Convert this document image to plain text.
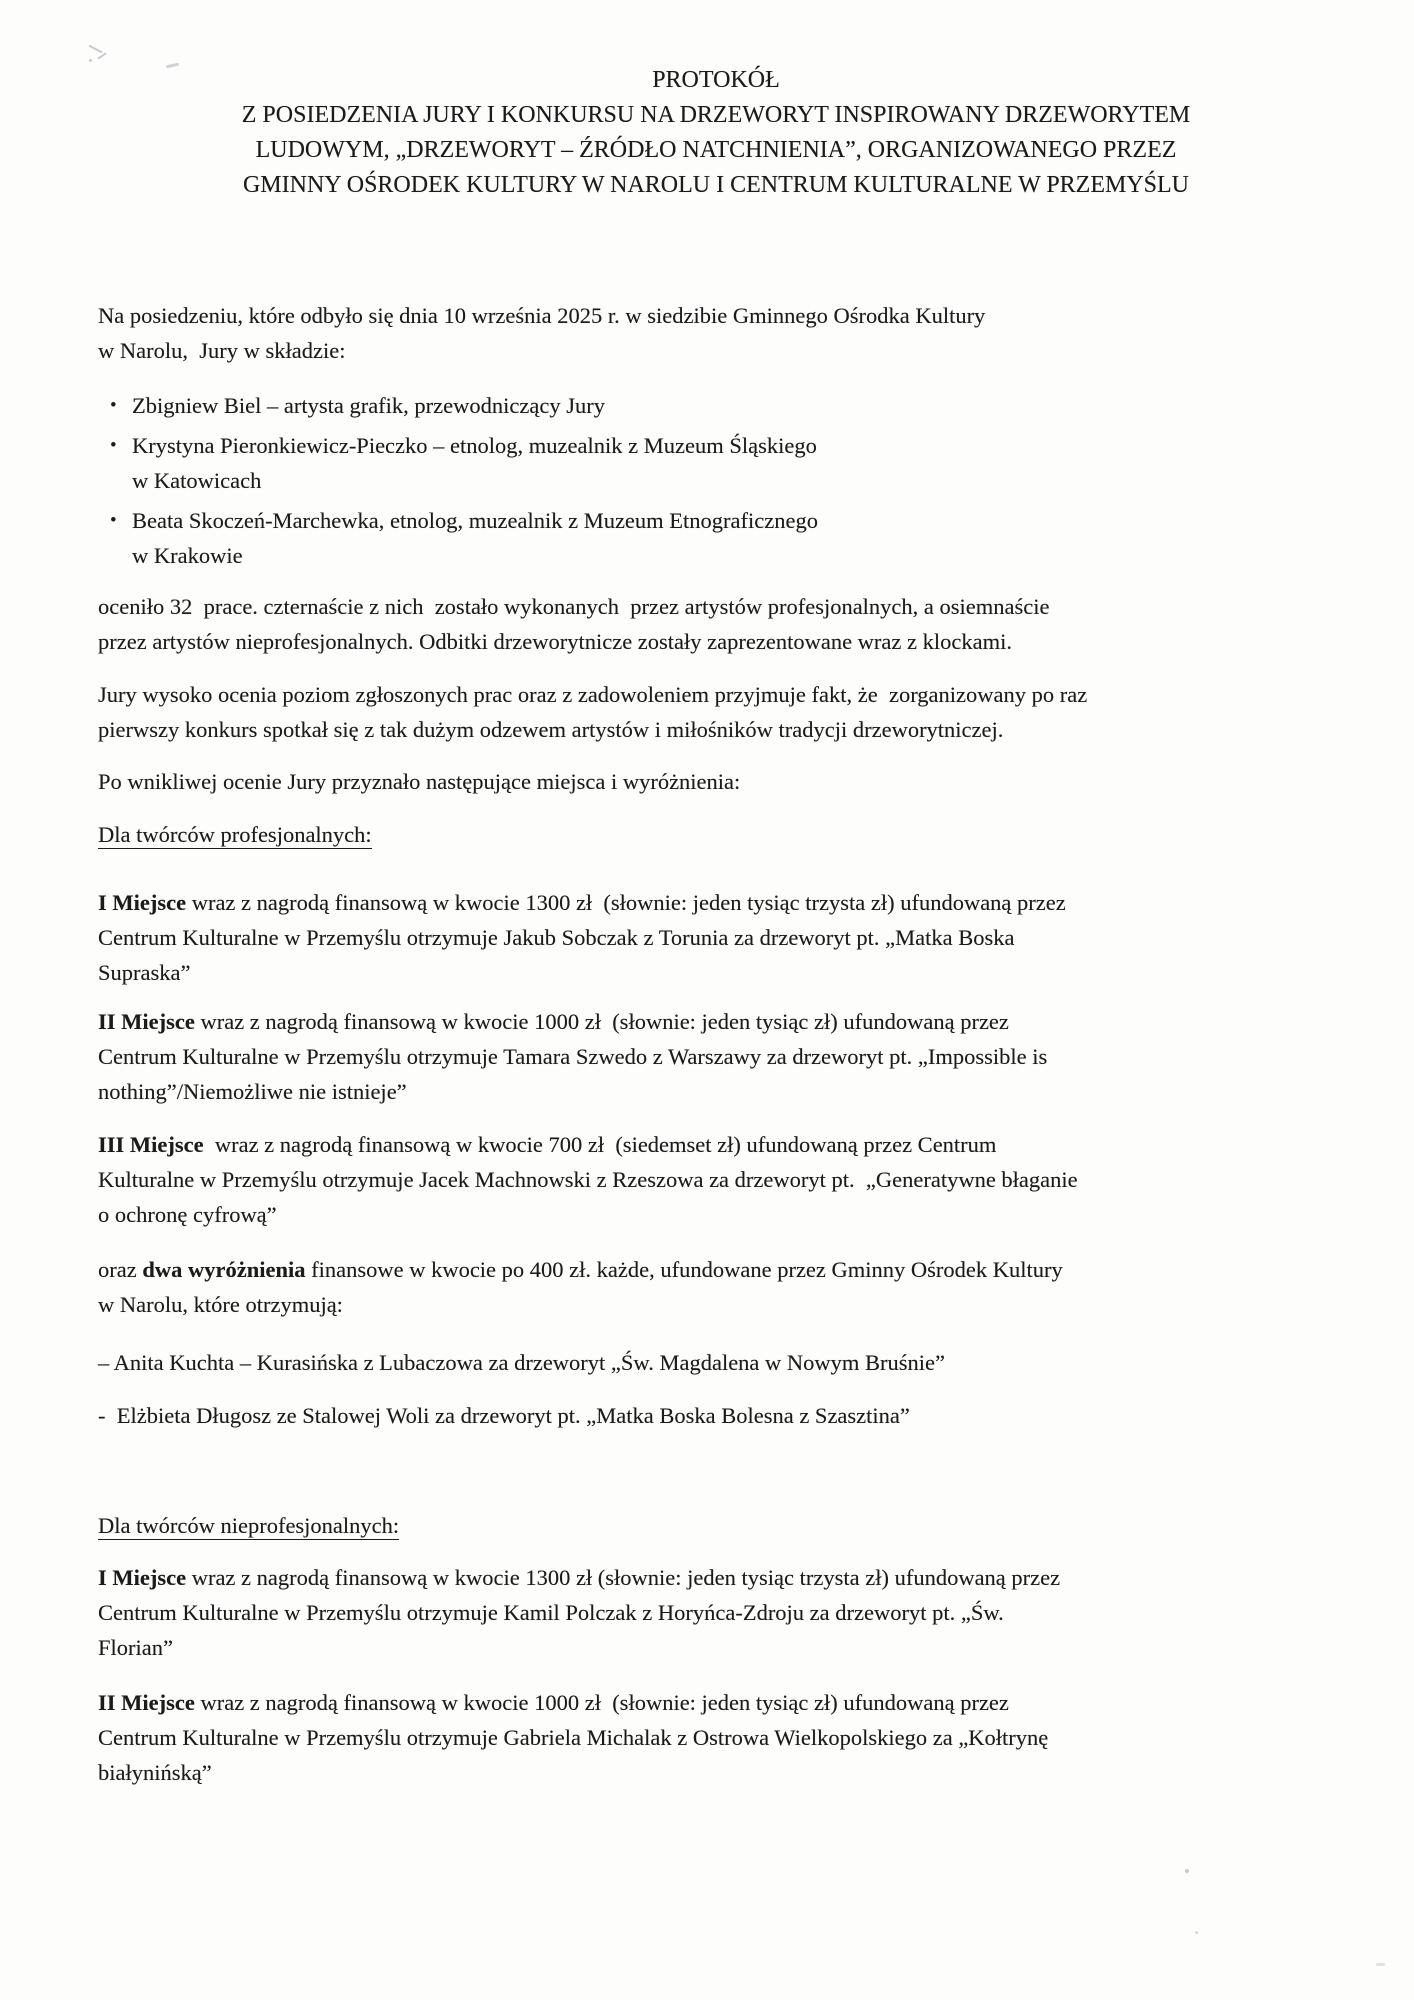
PROTOKÓŁ
Z POSIEDZENIA JURY I KONKURSU NA DRZEWORYT INSPIROWANY DRZEWORYTEM
LUDOWYM, „DRZEWORYT – ŹRÓDŁO NATCHNIENIA”, ORGANIZOWANEGO PRZEZ
GMINNY OŚRODEK KULTURY W NAROLU I CENTRUM KULTURALNE W PRZEMYŚLU
Na posiedzeniu, które odbyło się dnia 10 września 2025 r. w siedzibie Gminnego Ośrodka Kultury
w Narolu,  Jury w składzie:
• Zbigniew Biel – artysta grafik, przewodniczący Jury
• Krystyna Pieronkiewicz-Pieczko – etnolog, muzealnik z Muzeum Śląskiego
w Katowicach
• Beata Skoczeń-Marchewka, etnolog, muzealnik z Muzeum Etnograficznego
w Krakowie
oceniło 32  prace. czternaście z nich  zostało wykonanych  przez artystów profesjonalnych, a osiemnaście
przez artystów nieprofesjonalnych. Odbitki drzeworytnicze zostały zaprezentowane wraz z klockami.
Jury wysoko ocenia poziom zgłoszonych prac oraz z zadowoleniem przyjmuje fakt, że  zorganizowany po raz
pierwszy konkurs spotkał się z tak dużym odzewem artystów i miłośników tradycji drzeworytniczej.
Po wnikliwej ocenie Jury przyznało następujące miejsca i wyróżnienia:
Dla twórców profesjonalnych:
I Miejsce wraz z nagrodą finansową w kwocie 1300 zł  (słownie: jeden tysiąc trzysta zł) ufundowaną przez
Centrum Kulturalne w Przemyślu otrzymuje Jakub Sobczak z Torunia za drzeworyt pt. „Matka Boska
Supraska”
II Miejsce wraz z nagrodą finansową w kwocie 1000 zł  (słownie: jeden tysiąc zł) ufundowaną przez
Centrum Kulturalne w Przemyślu otrzymuje Tamara Szwedo z Warszawy za drzeworyt pt. „Impossible is
nothing”/Niemożliwe nie istnieje”
III Miejsce  wraz z nagrodą finansową w kwocie 700 zł  (siedemset zł) ufundowaną przez Centrum
Kulturalne w Przemyślu otrzymuje Jacek Machnowski z Rzeszowa za drzeworyt pt.  „Generatywne błaganie
o ochronę cyfrową”
oraz dwa wyróżnienia finansowe w kwocie po 400 zł. każde, ufundowane przez Gminny Ośrodek Kultury
w Narolu, które otrzymują:
– Anita Kuchta – Kurasińska z Lubaczowa za drzeworyt „Św. Magdalena w Nowym Bruśnie”
-  Elżbieta Długosz ze Stalowej Woli za drzeworyt pt. „Matka Boska Bolesna z Szasztina”
Dla twórców nieprofesjonalnych:
I Miejsce wraz z nagrodą finansową w kwocie 1300 zł (słownie: jeden tysiąc trzysta zł) ufundowaną przez
Centrum Kulturalne w Przemyślu otrzymuje Kamil Polczak z Horyńca-Zdroju za drzeworyt pt. „Św.
Florian”
II Miejsce wraz z nagrodą finansową w kwocie 1000 zł  (słownie: jeden tysiąc zł) ufundowaną przez
Centrum Kulturalne w Przemyślu otrzymuje Gabriela Michalak z Ostrowa Wielkopolskiego za „Kołtrynę
białynińską”
